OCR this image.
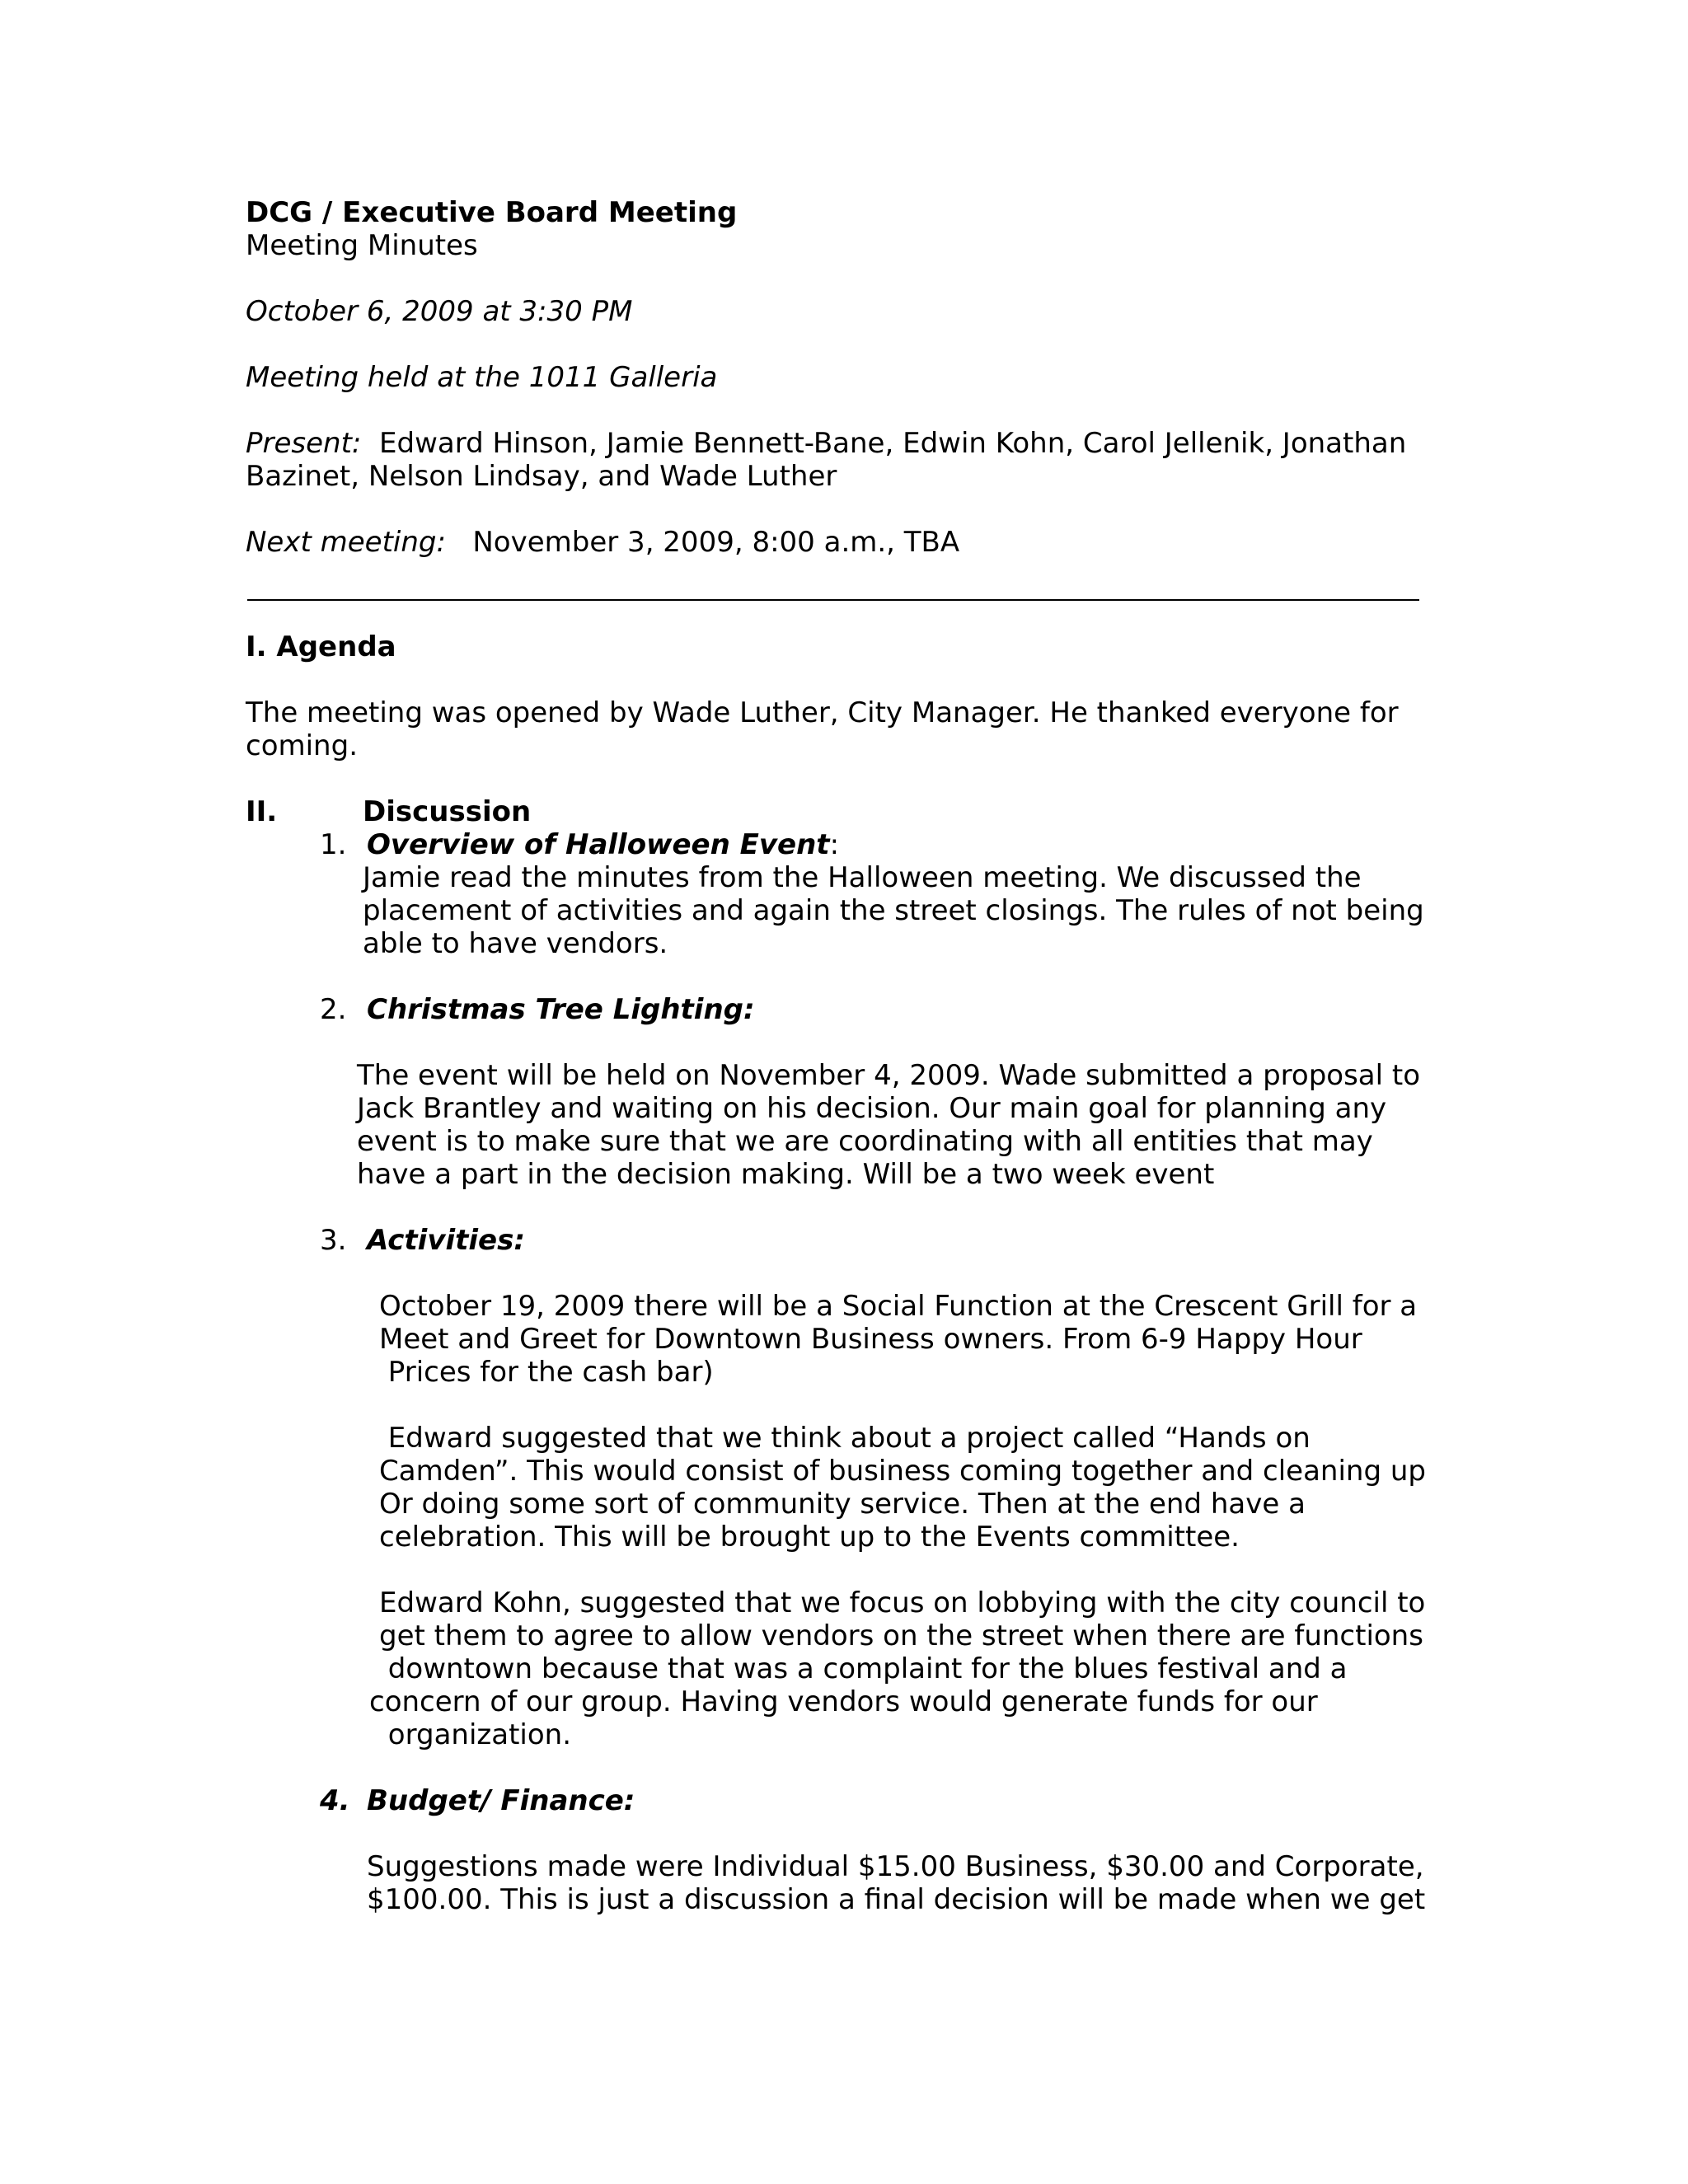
DCG / Executive Board Meeting
Meeting Minutes
October 6, 2009 at 3:30 PM
Meeting held at the 1011 Galleria
Present: Edward Hinson, Jamie Bennett-Bane, Edwin Kohn, Carol Jellenik, Jonathan
Bazinet, Nelson Lindsay, and Wade Luther
Next meeting: November 3, 2009, 8:00 a.m., TBA
I. Agenda
The meeting was opened by Wade Luther, City Manager. He thanked everyone for
coming.
II.	Discussion
1. Overview of Halloween Event:
Jamie read the minutes from the Halloween meeting. We discussed the
placement of activities and again the street closings. The rules of not being
able to have vendors.
2. Christmas Tree Lighting:
The event will be held on November 4, 2009. Wade submitted a proposal to
Jack Brantley and waiting on his decision. Our main goal for planning any
event is to make sure that we are coordinating with all entities that may
have a part in the decision making. Will be a two week event
3. Activities:
October 19, 2009 there will be a Social Function at the Crescent Grill for a
Meet and Greet for Downtown Business owners. From 6-9 Happy Hour
Prices for the cash bar)
Edward suggested that we think about a project called “Hands on
Camden”. This would consist of business coming together and cleaning up
Or doing some sort of community service. Then at the end have a
celebration. This will be brought up to the Events committee.
Edward Kohn, suggested that we focus on lobbying with the city council to
get them to agree to allow vendors on the street when there are functions
downtown because that was a complaint for the blues festival and a
concern of our group. Having vendors would generate funds for our
organization.
4. Budget/ Finance:
Suggestions made were Individual $15.00 Business, $30.00 and Corporate,
$100.00. This is just a discussion a final decision will be made when we get
